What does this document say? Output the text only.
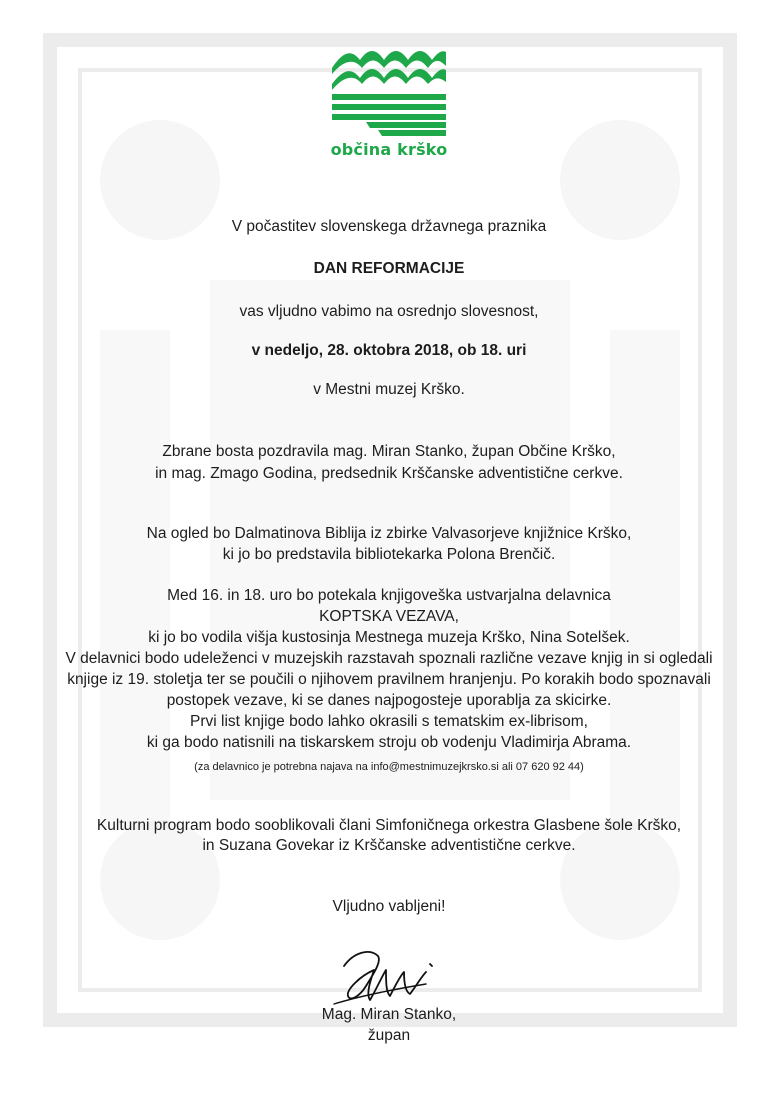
občina krško
V počastitev slovenskega državnega praznika
DAN REFORMACIJE
vas vljudno vabimo na osrednjo slovesnost,
v nedeljo, 28. oktobra 2018, ob 18. uri
v Mestni muzej Krško.
Zbrane bosta pozdravila mag. Miran Stanko, župan Občine Krško,
in mag. Zmago Godina, predsednik Krščanske adventistične cerkve.
Na ogled bo Dalmatinova Biblija iz zbirke Valvasorjeve knjižnice Krško,
ki jo bo predstavila bibliotekarka Polona Brenčič.
Med 16. in 18. uro bo potekala knjigoveška ustvarjalna delavnica
KOPTSKA VEZAVA,
ki jo bo vodila višja kustosinja Mestnega muzeja Krško, Nina Sotelšek.
V delavnici bodo udeleženci v muzejskih razstavah spoznali različne vezave knjig in si ogledali
knjige iz 19. stoletja ter se poučili o njihovem pravilnem hranjenju. Po korakih bodo spoznavali
postopek vezave, ki se danes najpogosteje uporablja za skicirke.
Prvi list knjige bodo lahko okrasili s tematskim ex-librisom,
ki ga bodo natisnili na tiskarskem stroju ob vodenju Vladimirja Abrama.
(za delavnico je potrebna najava na info@mestnimuzejkrsko.si ali 07 620 92 44)
Kulturni program bodo sooblikovali člani Simfoničnega orkestra Glasbene šole Krško,
in Suzana Govekar iz Krščanske adventistične cerkve.
Vljudno vabljeni!
Mag. Miran Stanko,
župan
